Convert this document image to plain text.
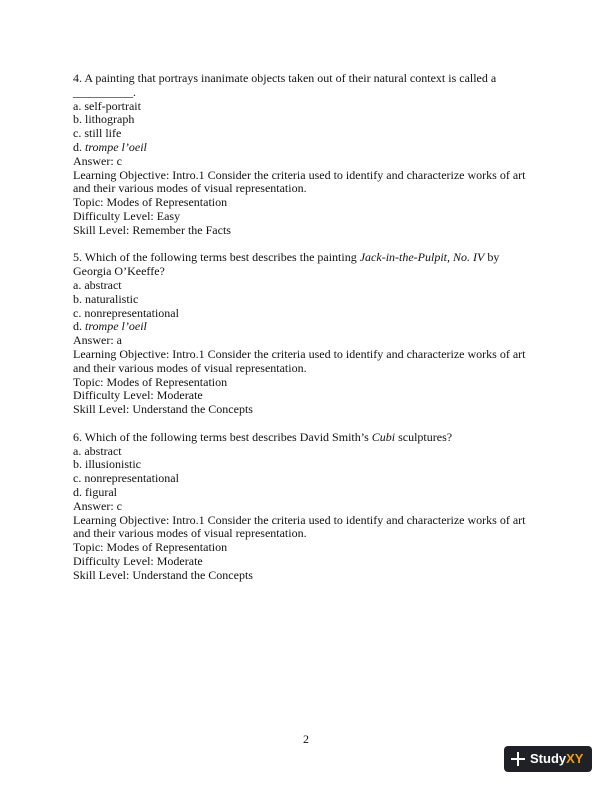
4. A painting that portrays inanimate objects taken out of their natural context is called a
__________.
a. self-portrait
b. lithograph
c. still life
d. trompe l’oeil
Answer: c
Learning Objective: Intro.1 Consider the criteria used to identify and characterize works of art
and their various modes of visual representation.
Topic: Modes of Representation
Difficulty Level: Easy
Skill Level: Remember the Facts
5. Which of the following terms best describes the painting Jack-in-the-Pulpit, No. IV by
Georgia O’Keeffe?
a. abstract
b. naturalistic
c. nonrepresentational
d. trompe l’oeil
Answer: a
Learning Objective: Intro.1 Consider the criteria used to identify and characterize works of art
and their various modes of visual representation.
Topic: Modes of Representation
Difficulty Level: Moderate
Skill Level: Understand the Concepts
6. Which of the following terms best describes David Smith’s Cubi sculptures?
a. abstract
b. illusionistic
c. nonrepresentational
d. figural
Answer: c
Learning Objective: Intro.1 Consider the criteria used to identify and characterize works of art
and their various modes of visual representation.
Topic: Modes of Representation
Difficulty Level: Moderate
Skill Level: Understand the Concepts
2
Study XY
